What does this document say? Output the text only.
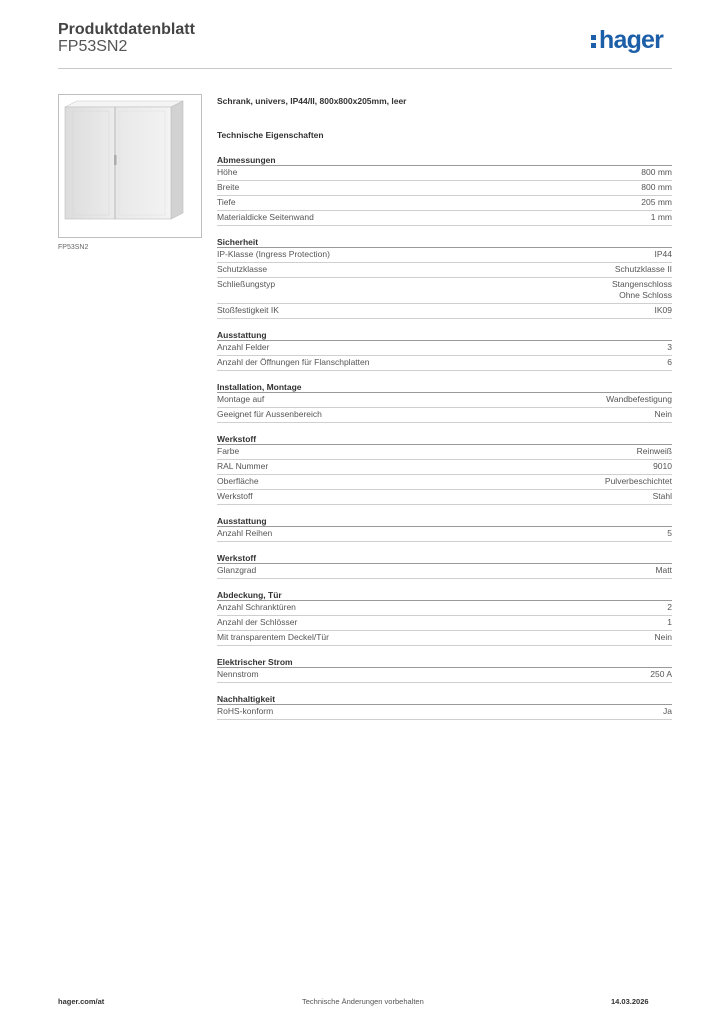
Produktdatenblatt
FP53SN2	hager
FP53SN2
Schrank, univers, IP44/II, 800x800x205mm, leer
Technische Eigenschaften
Abmessungen
Höhe	800 mm
Breite	800 mm
Tiefe	205 mm
Materialdicke Seitenwand	1 mm
Sicherheit
IP-Klasse (Ingress Protection)	IP44
Schutzklasse	Schutzklasse II
Schließungstyp	Stangenschloss
Ohne Schloss
Stoßfestigkeit IK	IK09
Ausstattung
Anzahl Felder	3
Anzahl der Öffnungen für Flanschplatten	6
Installation, Montage
Montage auf	Wandbefestigung
Geeignet für Aussenbereich	Nein
Werkstoff
Farbe	Reinweiß
RAL Nummer	9010
Oberfläche	Pulverbeschichtet
Werkstoff	Stahl
Ausstattung
Anzahl Reihen	5
Werkstoff
Glanzgrad	Matt
Abdeckung, Tür
Anzahl Schranktüren	2
Anzahl der Schlösser	1
Mit transparentem Deckel/Tür	Nein
Elektrischer Strom
Nennstrom	250 A
Nachhaltigkeit
RoHS-konform	Ja
hager.com/at	Technische Änderungen vorbehalten	14.03.2026
